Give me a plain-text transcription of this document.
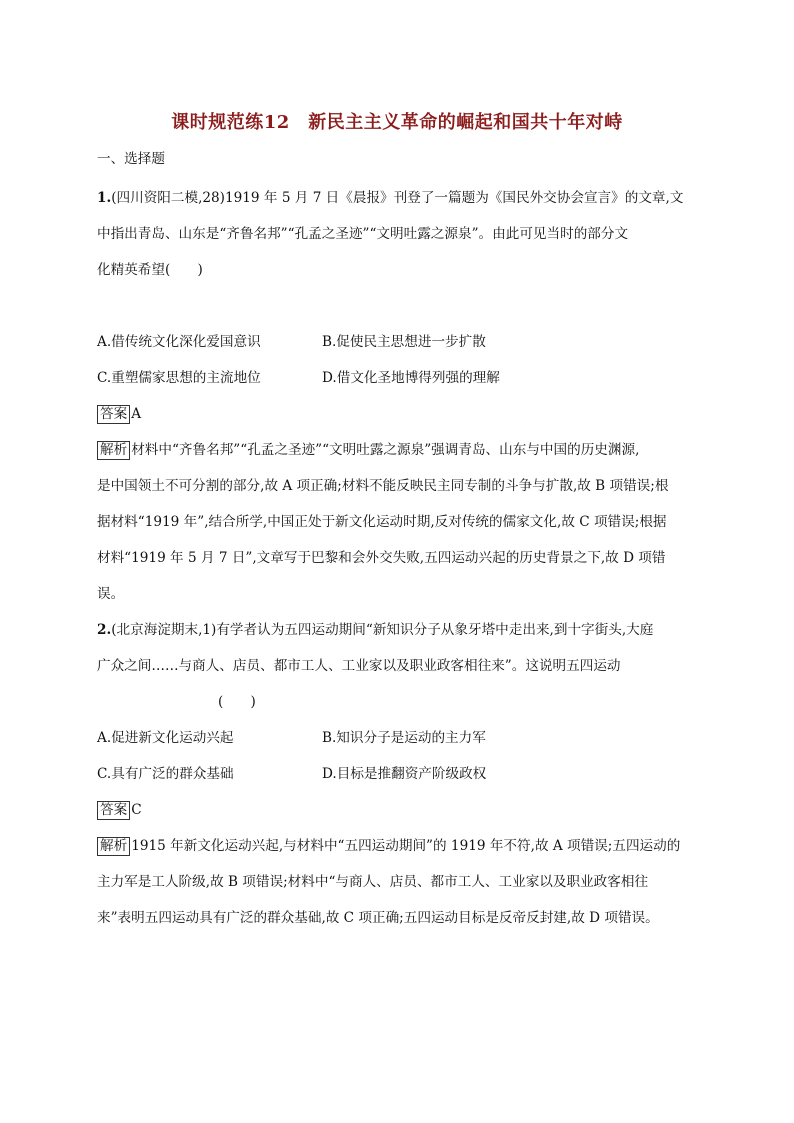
课时规范练12　新民主主义革命的崛起和国共十年对峙
一、选择题
1.(四川资阳二模,28)1919 年 5 月 7 日《晨报》刊登了一篇题为《国民外交协会宣言》的文章,文
中指出青岛、山东是“齐鲁名邦”“孔孟之圣迹”“文明吐露之源泉”。由此可见当时的部分文
化精英希望(　　)
A.借传统文化深化爱国意识	B.促使民主思想进一步扩散
C.重塑儒家思想的主流地位	D.借文化圣地博得列强的理解
答案 A
解析 材料中“齐鲁名邦”“孔孟之圣迹”“文明吐露之源泉”强调青岛、山东与中国的历史渊源,
是中国领土不可分割的部分,故 A 项正确;材料不能反映民主同专制的斗争与扩散,故 B 项错误;根
据材料“1919 年”,结合所学,中国正处于新文化运动时期,反对传统的儒家文化,故 C 项错误;根据
材料“1919 年 5 月 7 日”,文章写于巴黎和会外交失败,五四运动兴起的历史背景之下,故 D 项错
误。
2.(北京海淀期末,1)有学者认为五四运动期间“新知识分子从象牙塔中走出来,到十字街头,大庭
广众之间……与商人、店员、都市工人、工业家以及职业政客相往来”。这说明五四运动
(　　)
A.促进新文化运动兴起	B.知识分子是运动的主力军
C.具有广泛的群众基础	D.目标是推翻资产阶级政权
答案 C
解析 1915 年新文化运动兴起,与材料中“五四运动期间”的 1919 年不符,故 A 项错误;五四运动的
主力军是工人阶级,故 B 项错误;材料中“与商人、店员、都市工人、工业家以及职业政客相往
来”表明五四运动具有广泛的群众基础,故 C 项正确;五四运动目标是反帝反封建,故 D 项错误。
